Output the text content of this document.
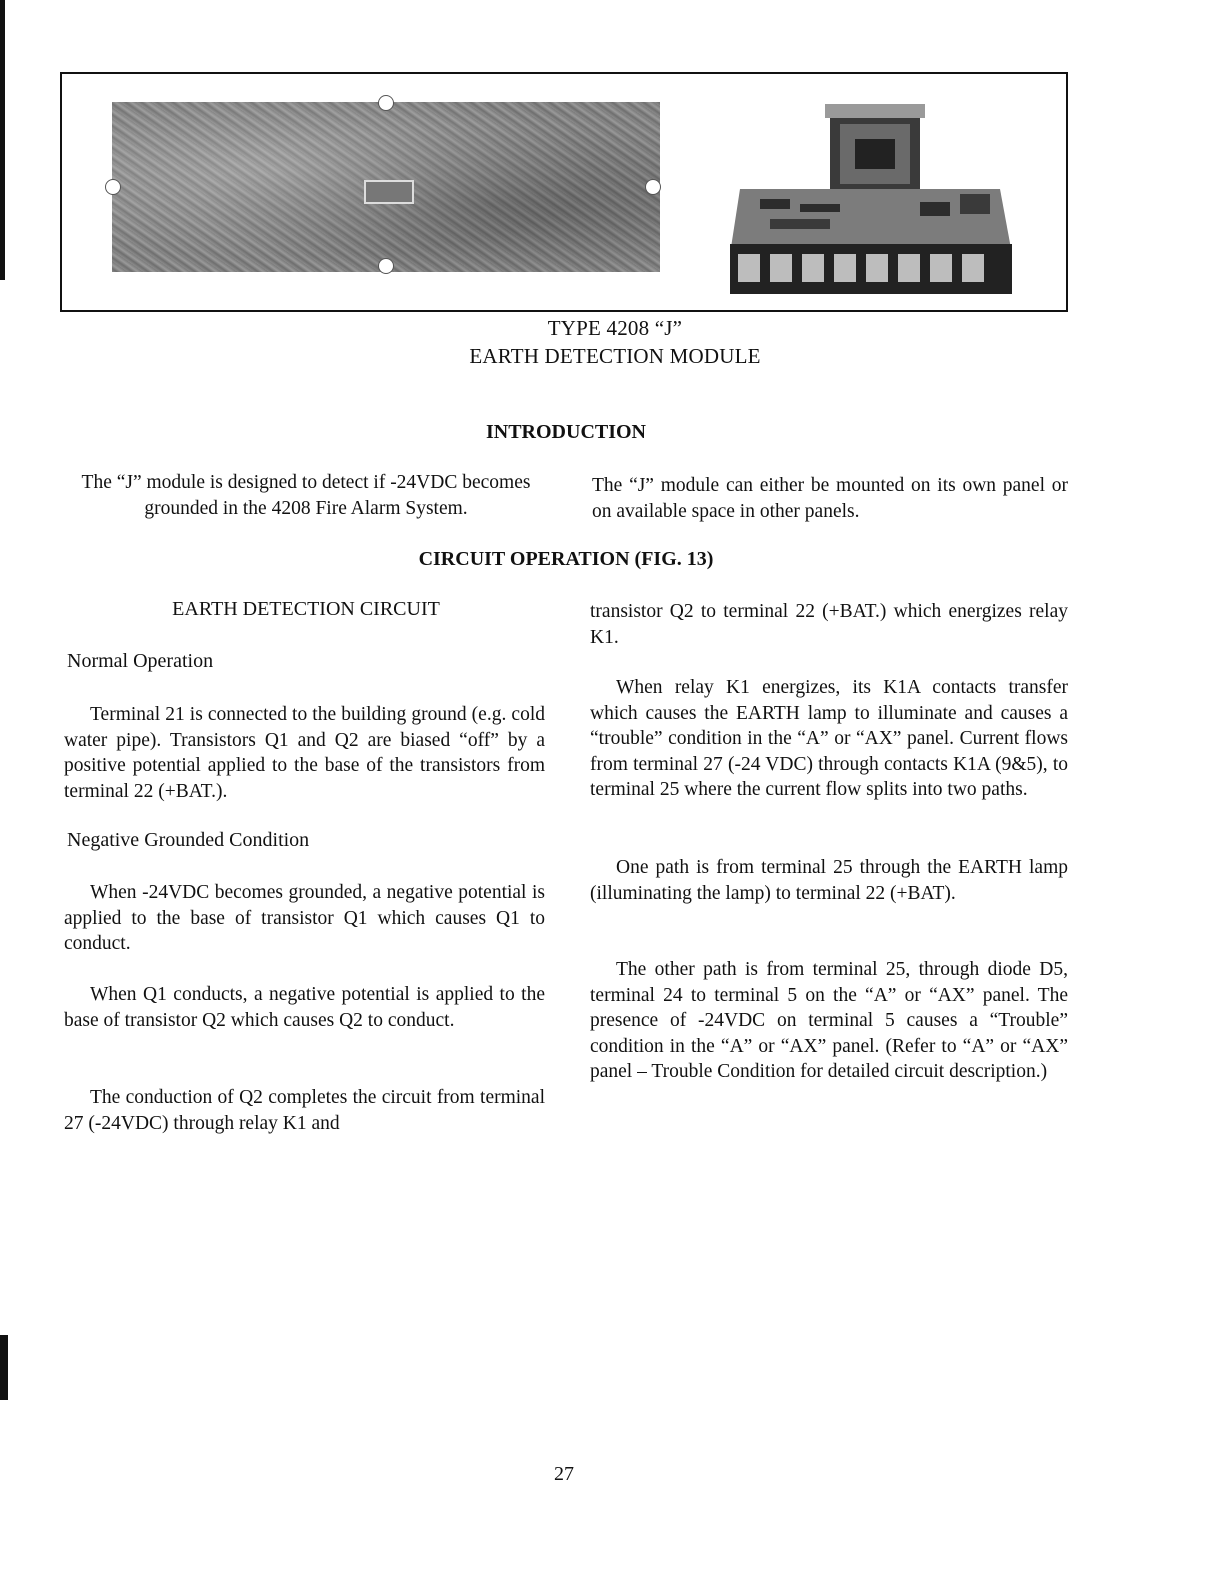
TYPE 4208 “J”
EARTH DETECTION MODULE
INTRODUCTION

The “J” module is designed to detect if -24VDC becomes grounded in the 4208 Fire Alarm System.

The “J” module can either be mounted on its own panel or on available space in other panels.

CIRCUIT OPERATION (FIG. 13)
EARTH DETECTION CIRCUIT
Normal Operation

Terminal 21 is connected to the building ground (e.g. cold water pipe). Transistors Q1 and Q2 are biased “off” by a positive potential applied to the base of the transistors from terminal 22 (+BAT.).

Negative Grounded Condition

When -24VDC becomes grounded, a negative potential is applied to the base of transistor Q1 which causes Q1 to conduct.

When Q1 conducts, a negative potential is applied to the base of transistor Q2 which causes Q2 to conduct.

The conduction of Q2 completes the circuit from terminal 27 (-24VDC) through relay K1 and

transistor Q2 to terminal 22 (+BAT.) which energizes relay K1.

When relay K1 energizes, its K1A contacts transfer which causes the EARTH lamp to illuminate and causes a “trouble” condition in the “A” or “AX” panel. Current flows from terminal 27 (-24 VDC) through contacts K1A (9&5), to terminal 25 where the current flow splits into two paths.

One path is from terminal 25 through the EARTH lamp (illuminating the lamp) to terminal 22 (+BAT).

The other path is from terminal 25, through diode D5, terminal 24 to terminal 5 on the “A” or “AX” panel. The presence of -24VDC on terminal 5 causes a “Trouble” condition in the “A” or “AX” panel. (Refer to “A” or “AX” panel – Trouble Condition for detailed circuit description.)

27
